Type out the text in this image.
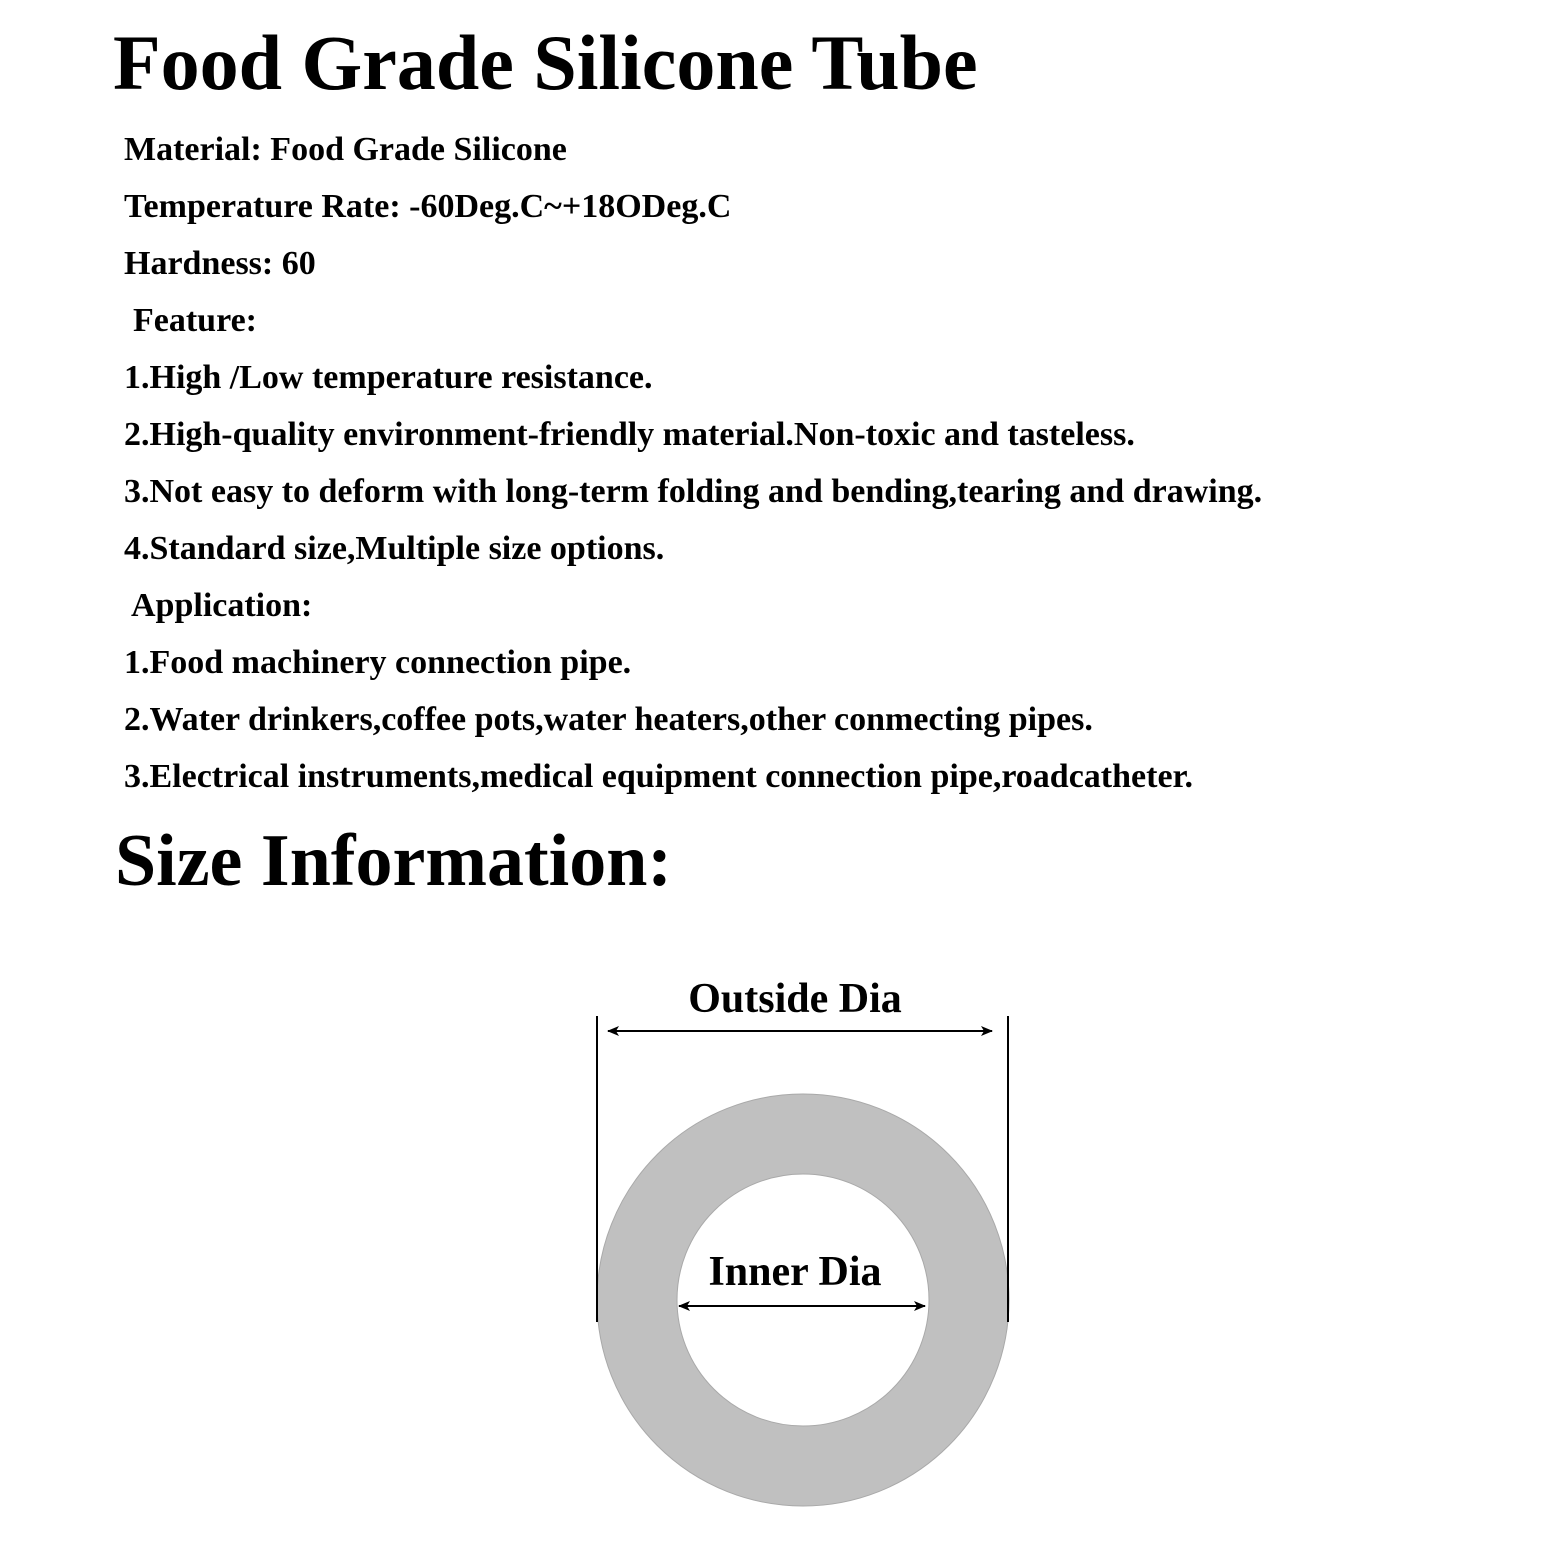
Food Grade Silicone Tube
Material: Food Grade Silicone
Temperature Rate: -60Deg.C~+18ODeg.C
Hardness: 60
Feature:
1.High /Low temperature resistance.
2.High-quality environment-friendly material.Non-toxic and tasteless.
3.Not easy to deform with long-term folding and bending,tearing and drawing.
4.Standard size,Multiple size options.
Application:
1.Food machinery connection pipe.
2.Water drinkers,coffee pots,water heaters,other conmecting pipes.
3.Electrical instruments,medical equipment connection pipe,roadcatheter.
Size Information:
Outside Dia
Inner Dia
